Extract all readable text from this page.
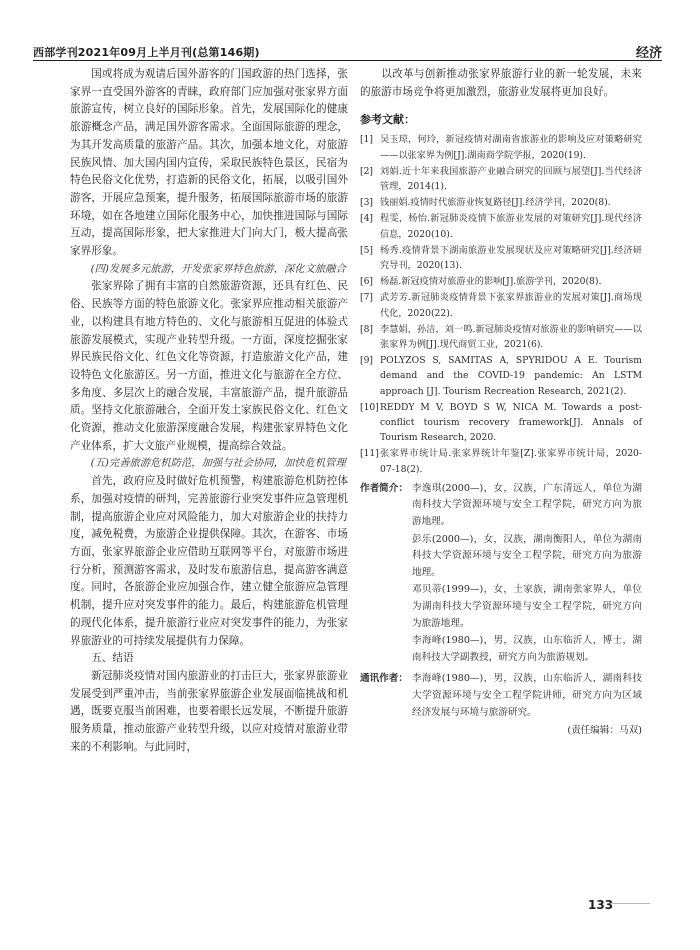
西部学刊2021年09月上半月刊(总第146期)	经济

国或将成为观请后国外游客的门国政游的热门选择，张家界一直受国外游客的青睐，政府部门应加强对张家界方面旅游宣传，树立良好的国际形象。首先，发展国际化的健康旅游概念产品，满足国外游客需求。全面国际旅游的理念，为其开发高质量的旅游产品。其次，加强本地文化，对旅游民族风情、加大国内国内宣传，采取民族特色景区，民宿为特色民俗文化优势，打造新的民俗文化，拓展，以吸引国外游客，开展应急预案，提升服务，拓展国际旅游市场的旅游环境，如在各地建立国际化服务中心，加快推进国际与国际互动，提高国际形象，把大家推进大门向大门，极大提高张家界形象。

(四)发展多元旅游，开发张家界特色旅游，深化文旅融合

张家界除了拥有丰富的自然旅游资源，还具有红色、民俗、民族等方面的特色旅游文化。张家界应推动相关旅游产业，以构建具有地方特色的、文化与旅游相互促进的体验式旅游发展模式，实现产业转型升级。一方面，深度挖掘张家界民族民俗文化、红色文化等资源，打造旅游文化产品，建设特色文化旅游区。另一方面，推进文化与旅游在全方位、多角度、多层次上的融合发展，丰富旅游产品，提升旅游品质。坚持文化旅游融合，全面开发土家族民俗文化、红色文化资源，推动文化旅游深度融合发展，构建张家界特色文化产业体系，扩大文旅产业规模，提高综合效益。

(五)完善旅游危机防范，加强与社会协同，加快危机管理

首先，政府应及时做好危机预警，构建旅游危机防控体系，加强对疫情的研判，完善旅游行业突发事件应急管理机制，提高旅游企业应对风险能力，加大对旅游企业的扶持力度，减免税费，为旅游企业提供保障。其次，在游客、市场方面，张家界旅游企业应借助互联网等平台，对旅游市场进行分析，预测游客需求，及时发布旅游信息，提高游客满意度。同时，各旅游企业应加强合作，建立健全旅游应急管理机制，提升应对突发事件的能力。最后，构建旅游危机管理的现代化体系，提升旅游行业应对突发事件的能力，为张家界旅游业的可持续发展提供有力保障。

五、结语

新冠肺炎疫情对国内旅游业的打击巨大，张家界旅游业发展受到严重冲击，当前张家界旅游企业发展面临挑战和机遇，既要克服当前困难，也要着眼长远发展，不断提升旅游服务质量，推动旅游产业转型升级，以应对疫情对旅游业带来的不利影响。与此同时，

以改革与创新推动张家界旅游行业的新一轮发展，未来的旅游市场竞争将更加激烈，旅游业发展将更加良好。

参考文献：
[1] 吴玉琼，何玲，新冠疫情对湖南省旅游业的影响及应对策略研究——以张家界为例[J].湖南商学院学报，2020(19).
[2] 刘娟.近十年来我国旅游产业融合研究的回顾与展望[J].当代经济管理，2014(1).
[3] 钱丽娟.疫情时代旅游业恢复路径[J].经济学刊，2020(8).
[4] 程雯，杨怡.新冠肺炎疫情下旅游业发展的对策研究[J].现代经济信息，2020(10).
[5] 杨秀.疫情背景下湖南旅游业发展现状及应对策略研究[J].经济研究导刊，2020(13).
[6] 杨磊.新冠疫情对旅游业的影响[J].旅游学刊，2020(8).
[7] 武芳芳.新冠肺炎疫情背景下张家界旅游业的发展对策[J].商场现代化，2020(22).
[8] 李慧娟，孙洁，刘一鸣.新冠肺炎疫情对旅游业的影响研究——以张家界为例[J].现代商贸工业，2021(6).
[9] POLYZOS S, SAMITAS A, SPYRIDOU A E. Tourism demand and the COVID-19 pandemic: An LSTM approach [J]. Tourism Recreation Research, 2021(2).
[10] REDDY M V, BOYD S W, NICA M. Towards a post-conflict tourism recovery framework[J]. Annals of Tourism Research, 2020.
[11] 张家界市统计局.张家界统计年鉴[Z].张家界市统计局，2020-07-18(2).
作者简介： 李逸琪(2000—)，女，汉族，广东清远人，单位为湖南科技大学资源环境与安全工程学院，研究方向为旅游地理。

彭乐(2000—)，女，汉族，湖南衡阳人，单位为湖南科技大学资源环境与安全工程学院，研究方向为旅游地理。

邓贝蒂(1999—)，女，土家族，湖南张家界人，单位为湖南科技大学资源环境与安全工程学院，研究方向为旅游地理。

李海峰(1980—)，男，汉族，山东临沂人，博士，湖南科技大学副教授，研究方向为旅游规划。

通讯作者： 李海峰(1980—)，男，汉族，山东临沂人，湖南科技大学资源环境与安全工程学院讲师，研究方向为区域经济发展与环境与旅游研究。

(责任编辑：马双)
133
